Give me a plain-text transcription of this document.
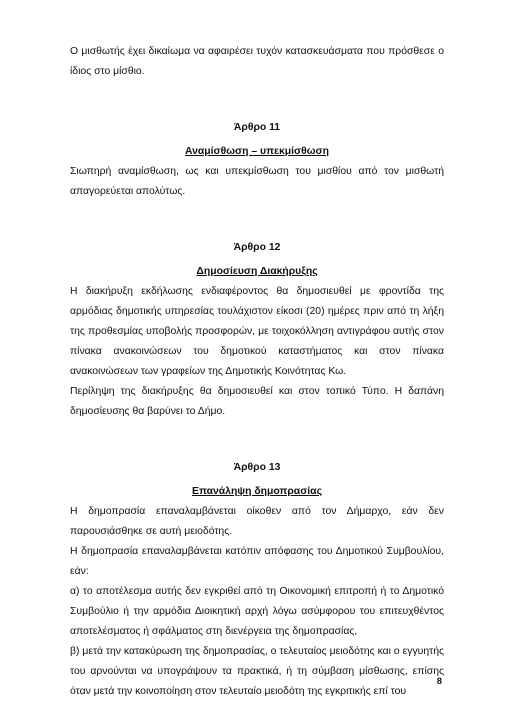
Ο μισθωτής έχει δικαίωμα να αφαιρέσει τυχόν κατασκευάσματα που πρόσθεσε ο ίδιος στο μίσθιο.

Άρθρο 11

Αναμίσθωση – υπεκμίσθωση

Σιωπηρή αναμίσθωση, ως και υπεκμίσθωση του μισθίου από τον μισθωτή απαγορεύεται απολύτως.

Άρθρο 12

Δημοσίευση Διακήρυξης

Η διακήρυξη εκδήλωσης ενδιαφέροντος θα δημοσιευθεί με φροντίδα της αρμόδιας δημοτικής υπηρεσίας τουλάχιστον είκοσι (20) ημέρες πριν από τη λήξη της προθεσμίας υποβολής προσφορών, με τοιχοκόλληση αντιγράφου αυτής στον πίνακα ανακοινώσεων του δημοτικού καταστήματος και στον πίνακα ανακοινώσεων των γραφείων της Δημοτικής Κοινότητας Κω.

Περίληψη της διακήρυξης θα δημοσιευθεί και στον τοπικό Τύπο. Η δαπάνη δημοσίευσης θα βαρύνει το Δήμο.

Άρθρο 13

Επανάληψη δημοπρασίας

Η δημοπρασία επαναλαμβάνεται οίκοθεν από τον Δήμαρχο, εάν δεν παρουσιάσθηκε σε αυτή μειοδότης.

Η δημοπρασία επαναλαμβάνεται κατόπιν απόφασης του Δημοτικού Συμβουλίου, εάν:

α) το αποτέλεσμα αυτής δεν εγκριθεί από τη Οικονομική επιτροπή ή το Δημοτικό Συμβούλιο ή την αρμόδια Διοικητική αρχή λόγω ασύμφορου του επιτευχθέντος αποτελέσματος ή σφάλματος στη διενέργεια της δημοπρασίας,

β) μετά την κατακύρωση της δημοπρασίας, ο τελευταίος μειοδότης και ο εγγυητής του αρνούνται να υπογράψουν τα πρακτικά, ή τη σύμβαση μίσθωσης, επίσης όταν μετά την κοινοποίηση στον τελευταίο μειοδότη της εγκριτικής επί του

8
